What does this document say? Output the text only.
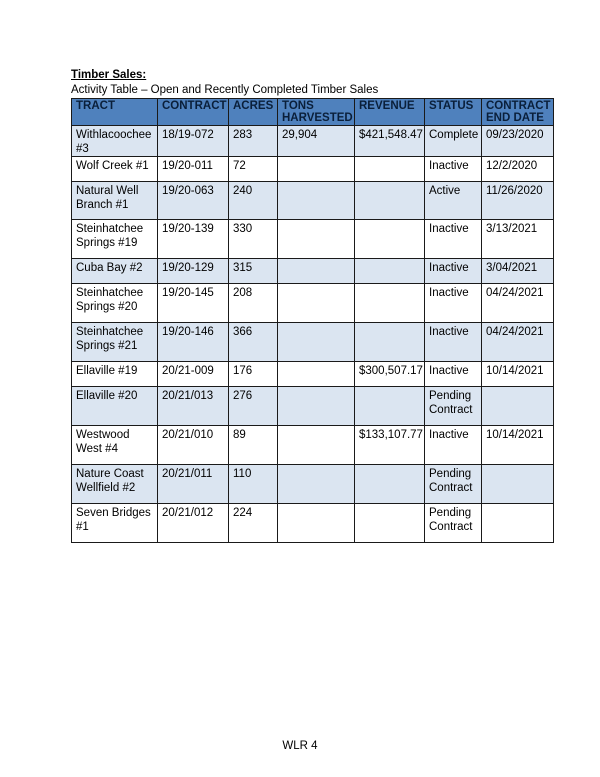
Timber Sales:
Activity Table – Open and Recently Completed Timber Sales
TRACT	CONTRACT	ACRES	TONS HARVESTED	REVENUE	STATUS	CONTRACT END DATE
Withlacoochee #3	18/19-072	283	29,904	$421,548.47	Complete	09/23/2020
Wolf Creek #1	19/20-011	72			Inactive	12/2/2020
Natural Well Branch #1	19/20-063	240			Active	11/26/2020
Steinhatchee Springs #19	19/20-139	330			Inactive	3/13/2021
Cuba Bay #2	19/20-129	315			Inactive	3/04/2021
Steinhatchee Springs #20	19/20-145	208			Inactive	04/24/2021
Steinhatchee Springs #21	19/20-146	366			Inactive	04/24/2021
Ellaville #19	20/21-009	176		$300,507.17	Inactive	10/14/2021
Ellaville #20	20/21/013	276			Pending Contract	
Westwood West #4	20/21/010	89		$133,107.77	Inactive	10/14/2021
Nature Coast Wellfield #2	20/21/011	110			Pending Contract	
Seven Bridges #1	20/21/012	224			Pending Contract	
WLR 4
